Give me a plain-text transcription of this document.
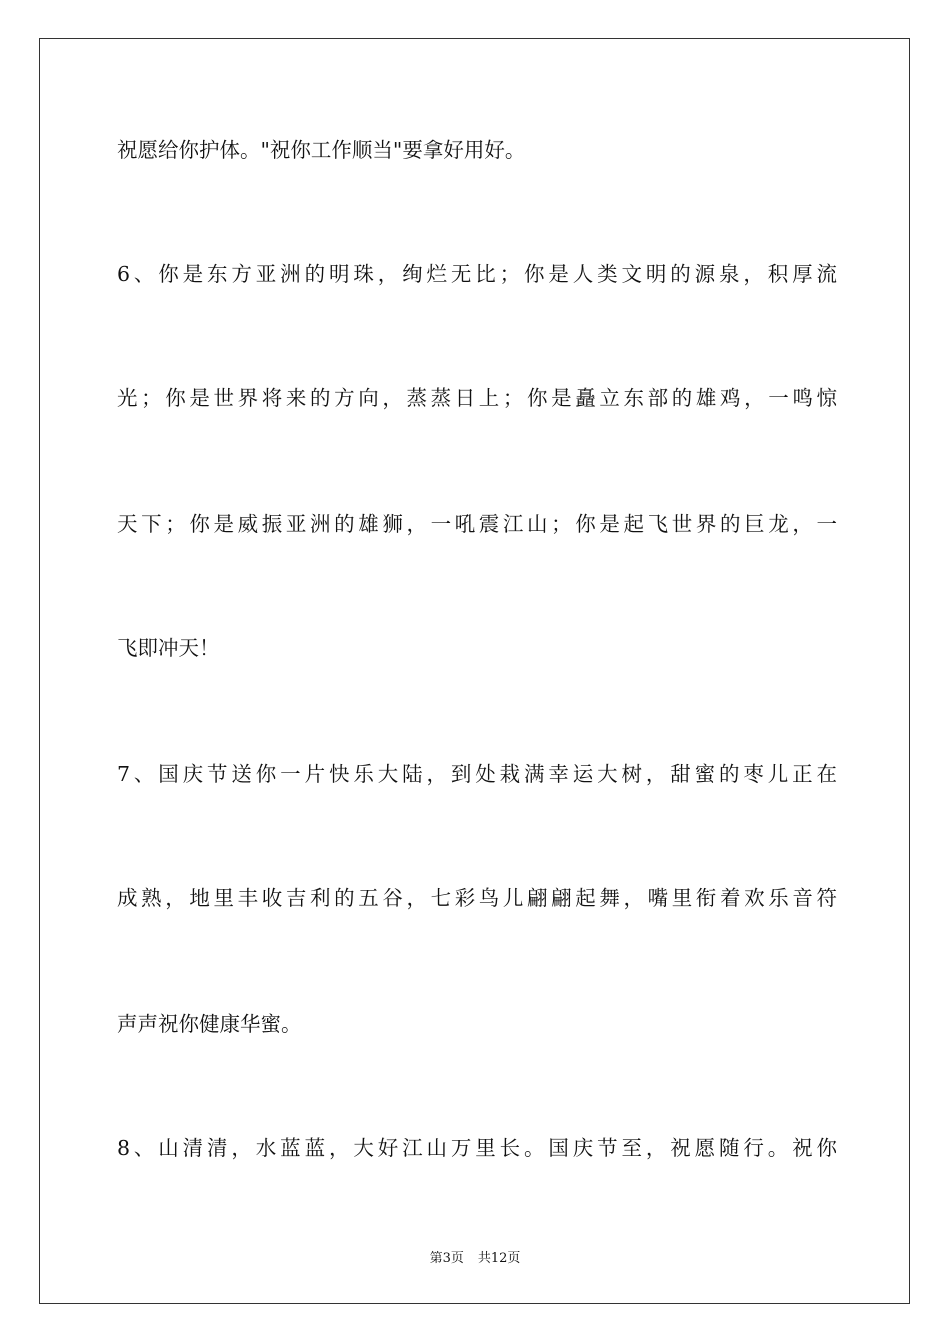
祝愿给你护体。"祝你工作顺当"要拿好用好。
6、你是东方亚洲的明珠，绚烂无比；你是人类文明的源泉，积厚流
光；你是世界将来的方向，蒸蒸日上；你是矗立东部的雄鸡，一鸣惊
天下；你是威振亚洲的雄狮，一吼震江山；你是起飞世界的巨龙，一
飞即冲天！
7、国庆节送你一片快乐大陆，到处栽满幸运大树，甜蜜的枣儿正在
成熟，地里丰收吉利的五谷，七彩鸟儿翩翩起舞，嘴里衔着欢乐音符
声声祝你健康华蜜。
8、山清清，水蓝蓝，大好江山万里长。国庆节至，祝愿随行。祝你
第3页 共12页
